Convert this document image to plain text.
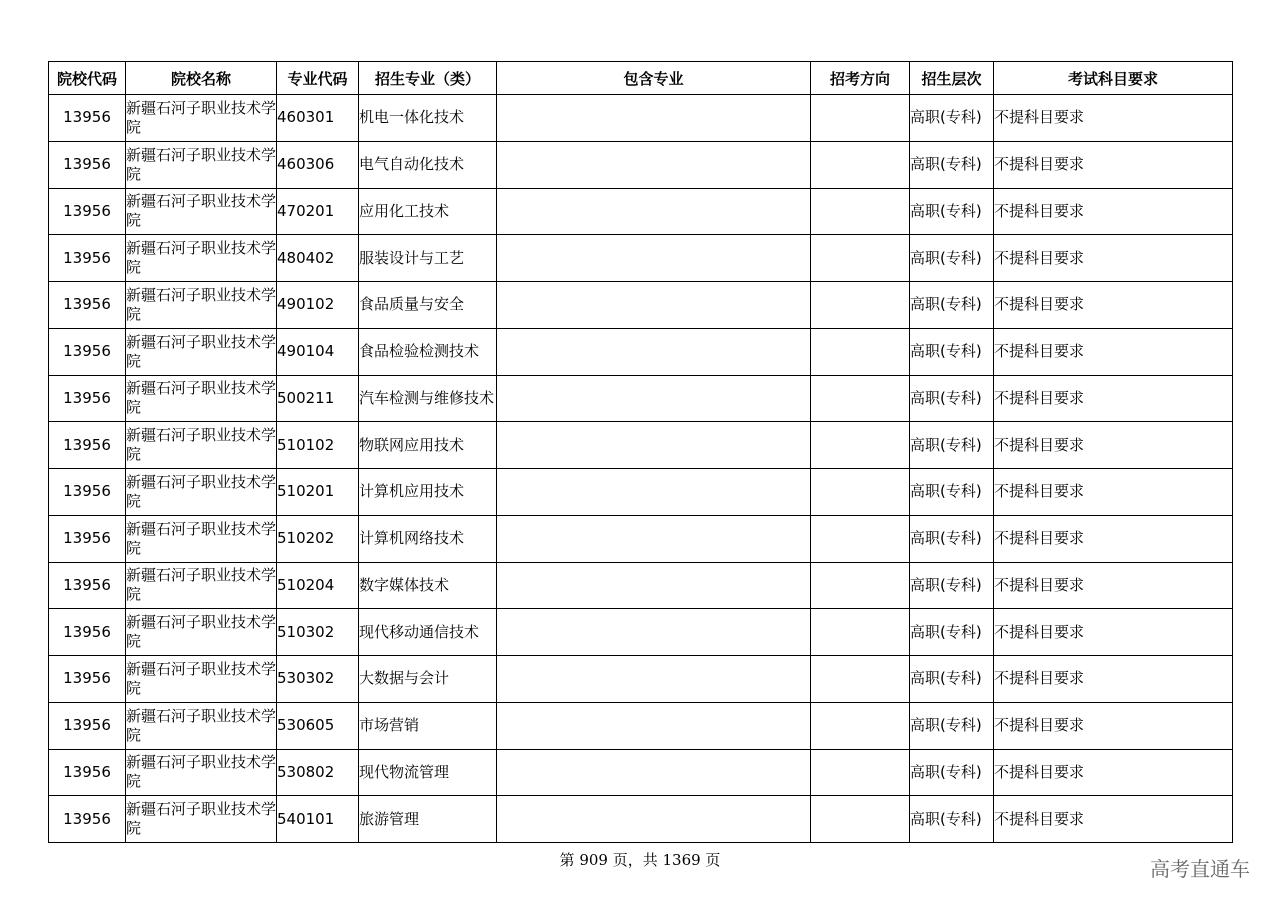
院校代码	院校名称	专业代码	招生专业（类）	包含专业	招考方向	招生层次	考试科目要求
13956	新疆石河子职业技术学院	460301	机电一体化技术			高职(专科)	不提科目要求
13956	新疆石河子职业技术学院	460306	电气自动化技术			高职(专科)	不提科目要求
13956	新疆石河子职业技术学院	470201	应用化工技术			高职(专科)	不提科目要求
13956	新疆石河子职业技术学院	480402	服装设计与工艺			高职(专科)	不提科目要求
13956	新疆石河子职业技术学院	490102	食品质量与安全			高职(专科)	不提科目要求
13956	新疆石河子职业技术学院	490104	食品检验检测技术			高职(专科)	不提科目要求
13956	新疆石河子职业技术学院	500211	汽车检测与维修技术			高职(专科)	不提科目要求
13956	新疆石河子职业技术学院	510102	物联网应用技术			高职(专科)	不提科目要求
13956	新疆石河子职业技术学院	510201	计算机应用技术			高职(专科)	不提科目要求
13956	新疆石河子职业技术学院	510202	计算机网络技术			高职(专科)	不提科目要求
13956	新疆石河子职业技术学院	510204	数字媒体技术			高职(专科)	不提科目要求
13956	新疆石河子职业技术学院	510302	现代移动通信技术			高职(专科)	不提科目要求
13956	新疆石河子职业技术学院	530302	大数据与会计			高职(专科)	不提科目要求
13956	新疆石河子职业技术学院	530605	市场营销			高职(专科)	不提科目要求
13956	新疆石河子职业技术学院	530802	现代物流管理			高职(专科)	不提科目要求
13956	新疆石河子职业技术学院	540101	旅游管理			高职(专科)	不提科目要求
第 909 页，共 1369 页	高考直通车
